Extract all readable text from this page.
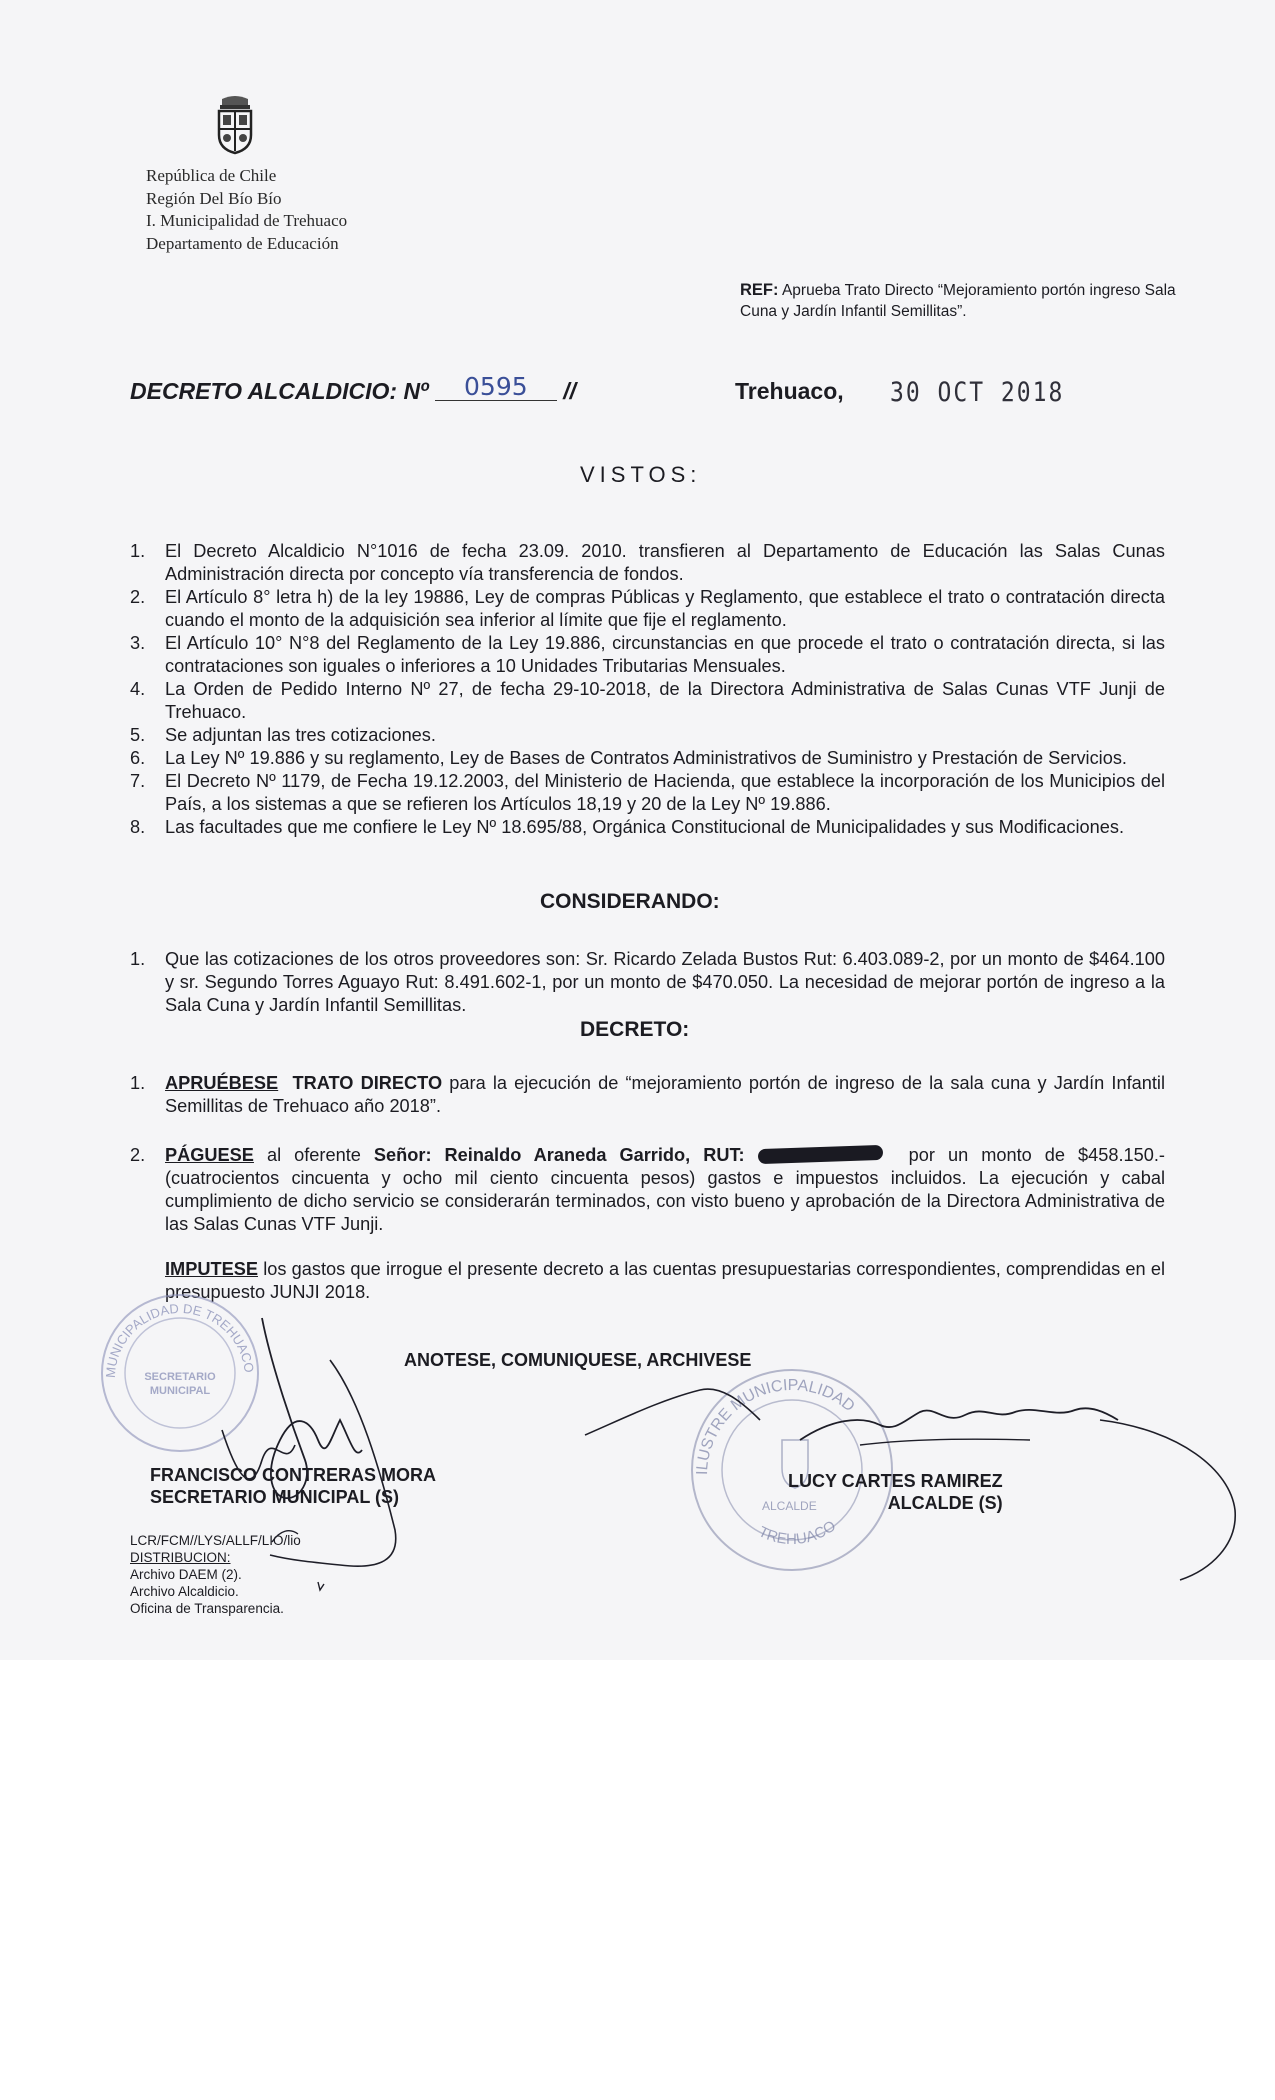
República de Chile
Región Del Bío Bío
I. Municipalidad de Trehuaco
Departamento de Educación
REF: Aprueba Trato Directo “Mejoramiento portón ingreso Sala Cuna y Jardín Infantil Semillitas”.
DECRETO ALCALDICIO: Nº 0595 //	Trehuaco, 30 OCT 2018
VISTOS:
1. El Decreto Alcaldicio N°1016 de fecha 23.09. 2010. transfieren al Departamento de Educación las Salas Cunas Administración directa por concepto vía transferencia de fondos.
2. El Artículo 8° letra h) de la ley 19886, Ley de compras Públicas y Reglamento, que establece el trato o contratación directa cuando el monto de la adquisición sea inferior al límite que fije el reglamento.
3. El Artículo 10° N°8 del Reglamento de la Ley 19.886, circunstancias en que procede el trato o contratación directa, si las contrataciones son iguales o inferiores a 10 Unidades Tributarias Mensuales.
4. La Orden de Pedido Interno Nº 27, de fecha 29-10-2018, de la Directora Administrativa de Salas Cunas VTF Junji de Trehuaco.
5. Se adjuntan las tres cotizaciones.
6. La Ley Nº 19.886 y su reglamento, Ley de Bases de Contratos Administrativos de Suministro y Prestación de Servicios.
7. El Decreto Nº 1179, de Fecha 19.12.2003, del Ministerio de Hacienda, que establece la incorporación de los Municipios del País, a los sistemas a que se refieren los Artículos 18,19 y 20 de la Ley Nº 19.886.
8. Las facultades que me confiere le Ley Nº 18.695/88, Orgánica Constitucional de Municipalidades y sus Modificaciones.
CONSIDERANDO:
1. Que las cotizaciones de los otros proveedores son: Sr. Ricardo Zelada Bustos Rut: 6.403.089-2, por un monto de $464.100 y sr. Segundo Torres Aguayo Rut: 8.491.602-1, por un monto de $470.050. La necesidad de mejorar portón de ingreso a la Sala Cuna y Jardín Infantil Semillitas.
DECRETO:
1. APRUÉBESE TRATO DIRECTO para la ejecución de “mejoramiento portón de ingreso de la sala cuna y Jardín Infantil Semillitas de Trehuaco año 2018”.
2. PÁGUESE al oferente Señor: Reinaldo Araneda Garrido, RUT:	por un monto de $458.150.- (cuatrocientos cincuenta y ocho mil ciento cincuenta pesos) gastos e impuestos incluidos. La ejecución y cabal cumplimiento de dicho servicio se considerarán terminados, con visto bueno y aprobación de la Directora Administrativa de las Salas Cunas VTF Junji.
IMPUTESE los gastos que irrogue el presente decreto a las cuentas presupuestarias correspondientes, comprendidas en el presupuesto JUNJI 2018.
ANOTESE, COMUNIQUESE, ARCHIVESE
MUNICIPALIDAD DE TREHUACO
SECRETARIO
MUNICIPAL
ILUSTRE MUNICIPALIDAD
TREHUACO
ALCALDE
FRANCISCO CONTRERAS MORA
SECRETARIO MUNICIPAL (S)
LUCY CARTES RAMIREZ
ALCALDE (S)
LCR/FCM//LYS/ALLF/LIO/lio
DISTRIBUCION:
Archivo DAEM (2).
Archivo Alcaldicio.
Oficina de Transparencia.
